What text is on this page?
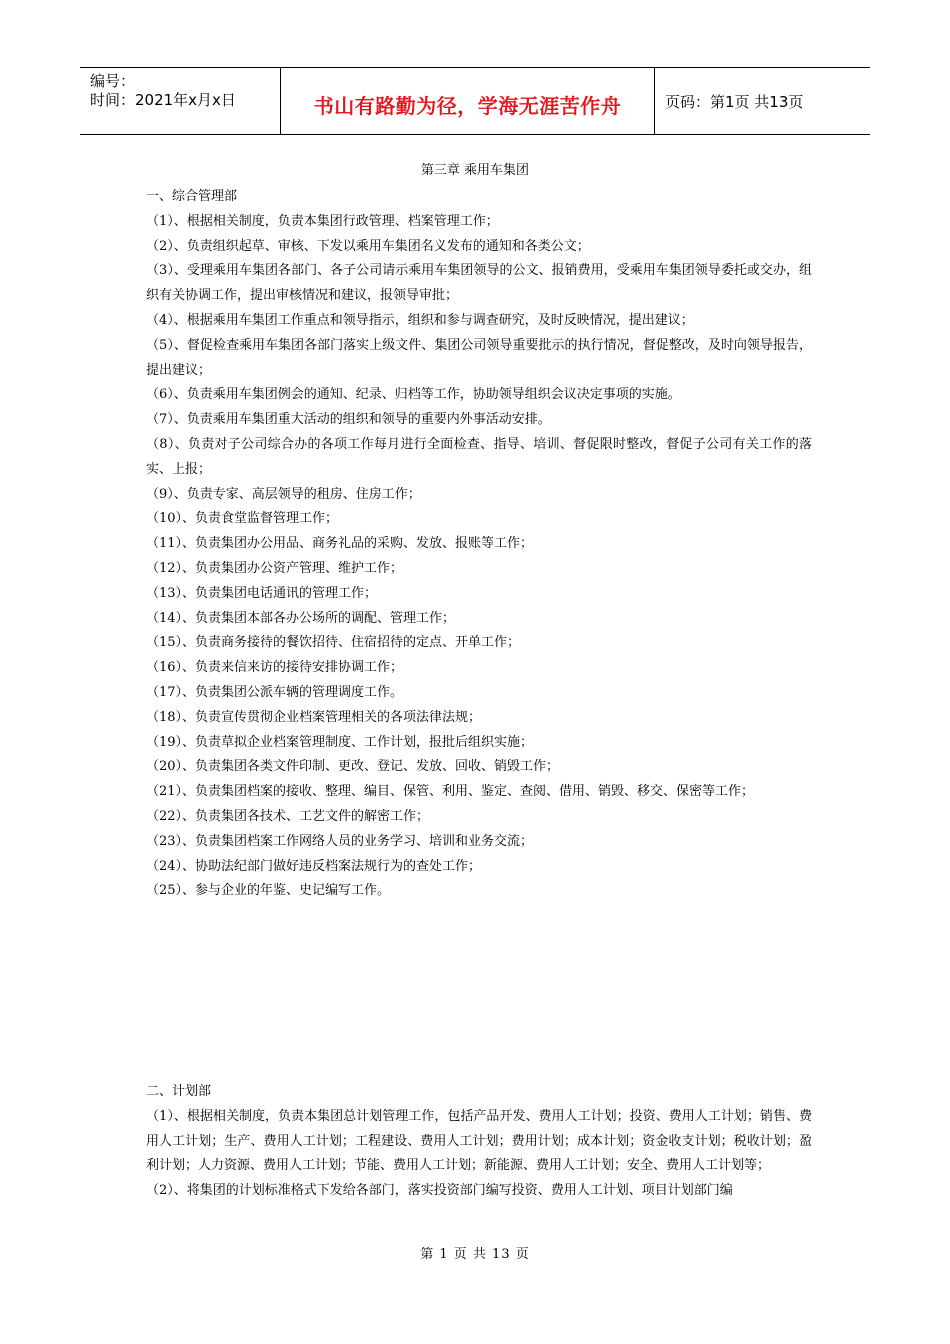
编号：
时间：2021年x月x日	书山有路勤为径，学海无涯苦作舟	页码：第1页 共13页
第三章 乘用车集团

一、综合管理部

（1）、根据相关制度，负责本集团行政管理、档案管理工作；

（2）、负责组织起草、审核、下发以乘用车集团名义发布的通知和各类公文；

（3）、受理乘用车集团各部门、各子公司请示乘用车集团领导的公文、报销费用，受乘用车集团领导委托或交办，组织有关协调工作，提出审核情况和建议，报领导审批；

（4）、根据乘用车集团工作重点和领导指示，组织和参与调查研究，及时反映情况，提出建议；

（5）、督促检查乘用车集团各部门落实上级文件、集团公司领导重要批示的执行情况，督促整改，及时向领导报告，提出建议；

（6）、负责乘用车集团例会的通知、纪录、归档等工作，协助领导组织会议决定事项的实施。

（7）、负责乘用车集团重大活动的组织和领导的重要内外事活动安排。

（8）、负责对子公司综合办的各项工作每月进行全面检查、指导、培训、督促限时整改，督促子公司有关工作的落实、上报；

（9）、负责专家、高层领导的租房、住房工作；

（10）、负责食堂监督管理工作；

（11）、负责集团办公用品、商务礼品的采购、发放、报账等工作；

（12）、负责集团办公资产管理、维护工作；

（13）、负责集团电话通讯的管理工作；

（14）、负责集团本部各办公场所的调配、管理工作；

（15）、负责商务接待的餐饮招待、住宿招待的定点、开单工作；

（16）、负责来信来访的接待安排协调工作；

（17）、负责集团公派车辆的管理调度工作。

（18）、负责宣传贯彻企业档案管理相关的各项法律法规；

（19）、负责草拟企业档案管理制度、工作计划，报批后组织实施；

（20）、负责集团各类文件印制、更改、登记、发放、回收、销毁工作；

（21）、负责集团档案的接收、整理、编目、保管、利用、鉴定、查阅、借用、销毁、移交、保密等工作；

（22）、负责集团各技术、工艺文件的解密工作；

（23）、负责集团档案工作网络人员的业务学习、培训和业务交流；

（24）、协助法纪部门做好违反档案法规行为的查处工作；

（25）、参与企业的年鉴、史记编写工作。

二、计划部

（1）、根据相关制度，负责本集团总计划管理工作，包括产品开发、费用人工计划；投资、费用人工计划；销售、费用人工计划；生产、费用人工计划；工程建设、费用人工计划；费用计划；成本计划；资金收支计划；税收计划；盈利计划；人力资源、费用人工计划；节能、费用人工计划；新能源、费用人工计划；安全、费用人工计划等；

（2）、将集团的计划标准格式下发给各部门，落实投资部门编写投资、费用人工计划、项目计划部门编

第 1 页 共 13 页
